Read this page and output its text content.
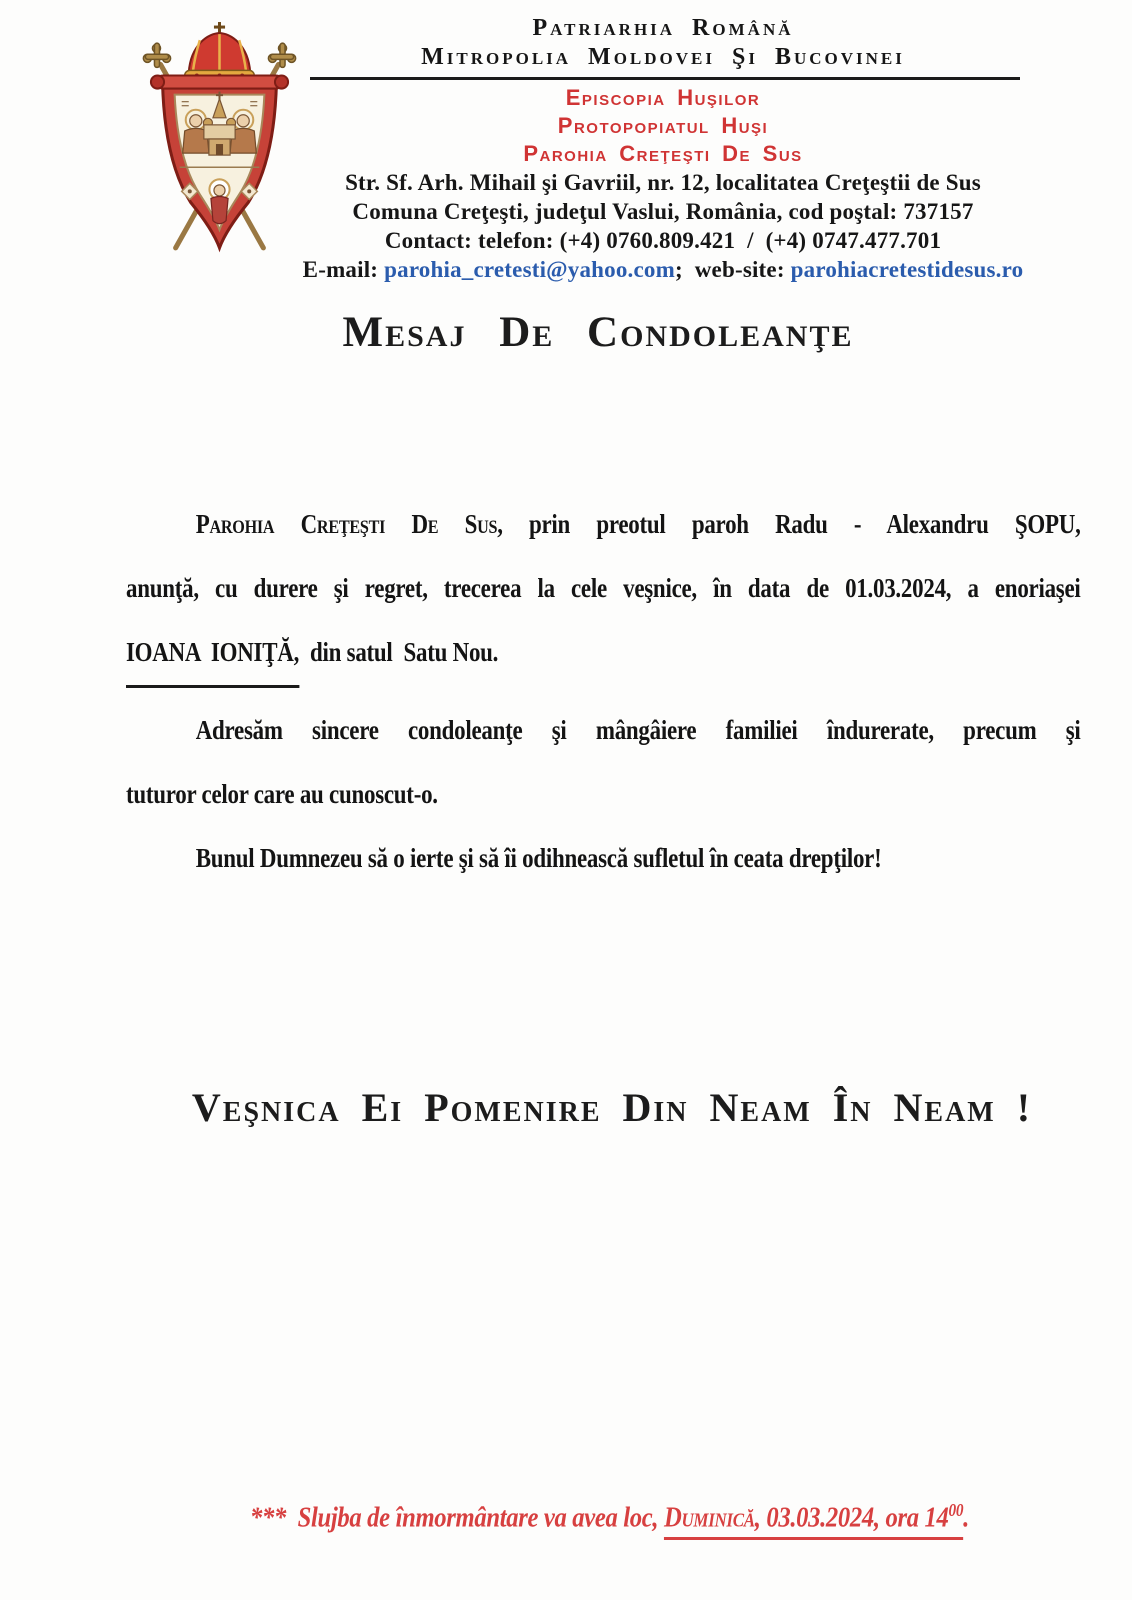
Patriarhia Română
Mitropolia Moldovei Şi Bucovinei
Episcopia Huşilor
Protopopiatul Huşi
Parohia Creţeşti De Sus
Str. Sf. Arh. Mihail şi Gavriil, nr. 12, localitatea Creţeştii de Sus
Comuna Creţeşti, judeţul Vaslui, România, cod poştal: 737157
Contact: telefon: (+4) 0760.809.421  /  (+4) 0747.477.701
E-mail: parohia_cretesti@yahoo.com;  web-site: parohiacretestidesus.ro
Mesaj De Condoleanţe
Parohia Creţeşti De Sus, prin preotul paroh Radu - Alexandru ŞOPU,
anunţă, cu durere şi regret, trecerea la cele veşnice, în data de 01.03.2024, a enoriaşei
IOANA  IONIŢĂ,  din satul  Satu Nou.
Adresăm sincere condoleanţe şi mângâiere familiei îndurerate, precum şi
tuturor celor care au cunoscut-o.
Bunul Dumnezeu să o ierte şi să îi odihnească sufletul în ceata drepţilor!
Veşnica Ei Pomenire Din Neam În Neam !
***  Slujba de înmormântare va avea loc, Duminică, 03.03.2024, ora $14^{00}$.
